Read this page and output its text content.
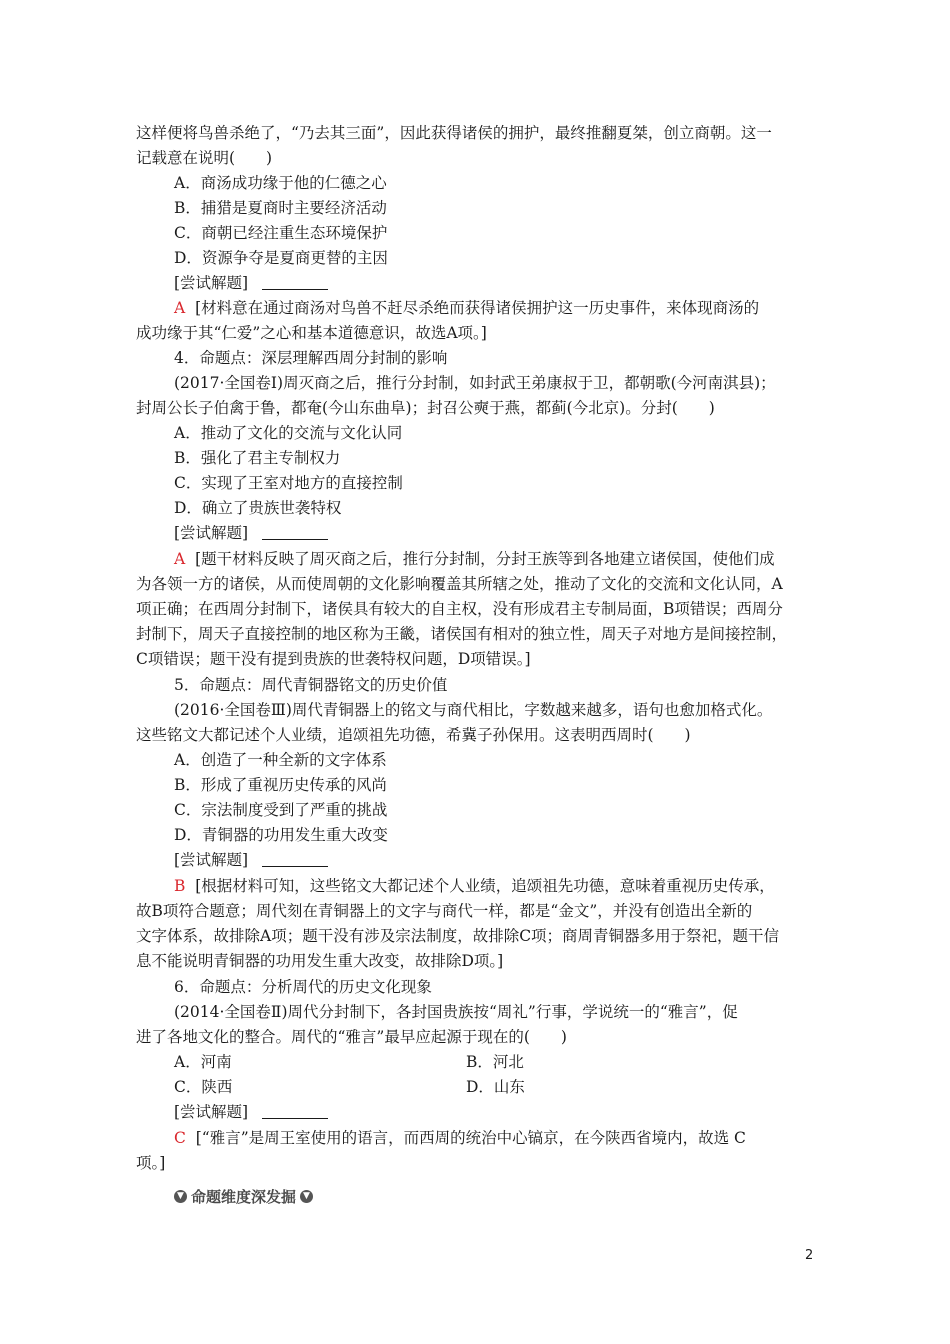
这样便将鸟兽杀绝了，“乃去其三面”，因此获得诸侯的拥护，最终推翻夏桀，创立商朝。这一
记载意在说明(　　)
A．商汤成功缘于他的仁德之心
B．捕猎是夏商时主要经济活动
C．商朝已经注重生态环境保护
D．资源争夺是夏商更替的主因
[尝试解题]
A [材料意在通过商汤对鸟兽不赶尽杀绝而获得诸侯拥护这一历史事件，来体现商汤的
成功缘于其“仁爱”之心和基本道德意识，故选A项。]
4．命题点：深层理解西周分封制的影响
(2017·全国卷Ⅰ)周灭商之后，推行分封制，如封武王弟康叔于卫，都朝歌(今河南淇县)；
封周公长子伯禽于鲁，都奄(今山东曲阜)；封召公奭于燕，都蓟(今北京)。分封(　　)
A．推动了文化的交流与文化认同
B．强化了君主专制权力
C．实现了王室对地方的直接控制
D．确立了贵族世袭特权
[尝试解题]
A [题干材料反映了周灭商之后，推行分封制，分封王族等到各地建立诸侯国，使他们成
为各领一方的诸侯，从而使周朝的文化影响覆盖其所辖之处，推动了文化的交流和文化认同，A
项正确；在西周分封制下，诸侯具有较大的自主权，没有形成君主专制局面，B项错误；西周分
封制下，周天子直接控制的地区称为王畿，诸侯国有相对的独立性，周天子对地方是间接控制，
C项错误；题干没有提到贵族的世袭特权问题，D项错误。]
5．命题点：周代青铜器铭文的历史价值
(2016·全国卷Ⅲ)周代青铜器上的铭文与商代相比，字数越来越多，语句也愈加格式化。
这些铭文大都记述个人业绩，追颂祖先功德，希冀子孙保用。这表明西周时(　　)
A．创造了一种全新的文字体系
B．形成了重视历史传承的风尚
C．宗法制度受到了严重的挑战
D．青铜器的功用发生重大改变
[尝试解题]
B [根据材料可知，这些铭文大都记述个人业绩，追颂祖先功德，意味着重视历史传承，
故B项符合题意；周代刻在青铜器上的文字与商代一样，都是“金文”，并没有创造出全新的
文字体系，故排除A项；题干没有涉及宗法制度，故排除C项；商周青铜器多用于祭祀，题干信
息不能说明青铜器的功用发生重大改变，故排除D项。]
6．命题点：分析周代的历史文化现象
(2014·全国卷Ⅱ)周代分封制下，各封国贵族按“周礼”行事，学说统一的“雅言”，促
进了各地文化的整合。周代的“雅言”最早应起源于现在的(　　)
A．河南	B．河北
C．陕西	D．山东
[尝试解题]
C [“雅言”是周王室使用的语言，而西周的统治中心镐京，在今陕西省境内，故选 C
项。]
▼ 命题维度深发掘 ▼
2
